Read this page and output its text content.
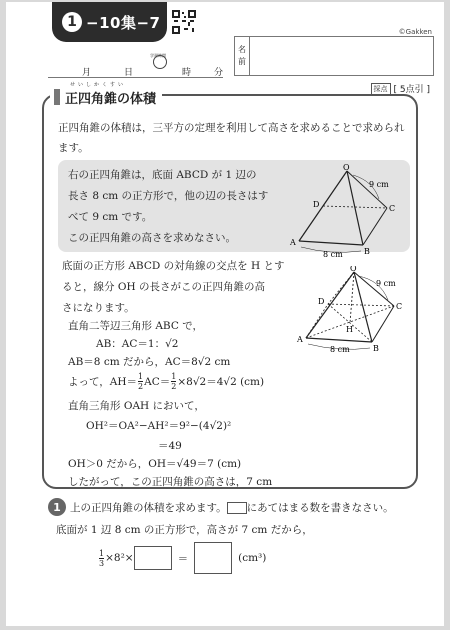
1 −10集−7
©Gakken
名
前
月	日
学習時間
時	分
採点 [ 5点引 ]
せいしかくすい
正四角錐の体積
正四角錐の体積は，三平方の定理を利用して高さを求めることで求められます。
右の正四角錐は，底面 ABCD が 1 辺の
長さ 8 cm の正方形で，他の辺の長さはす
べて 9 cm です。
この正四角錐の高さを求めなさい。
O
A
B
C
D
9 cm
8 cm
底面の正方形 ABCD の対角線の交点を H とす
ると，線分 OH の長さがこの正四角錐の高
さになります。
O
A
B
C
D
H
9 cm
8 cm
直角二等辺三角形 ABC で，
AB：AC＝1：√2
AB＝8 cm だから，AC＝8√2 cm
よって，$AH= \frac{1}{2} AC= \frac{1}{2} \times 8√2=4√2$ (cm)
直角三角形 OAH において，
OH²＝OA²−AH²＝9²−(4√2)²
＝49
OH＞0 だから，OH＝√49＝7 (cm)
したがって，この正四角錐の高さは，7 cm
1 上の正四角錐の体積を求めます。 にあてはまる数を書きなさい。
底面が 1 辺 8 cm の正方形で，高さが 7 cm だから，
$\frac{1}{3} \times 8^2\times$	＝	(cm³)
